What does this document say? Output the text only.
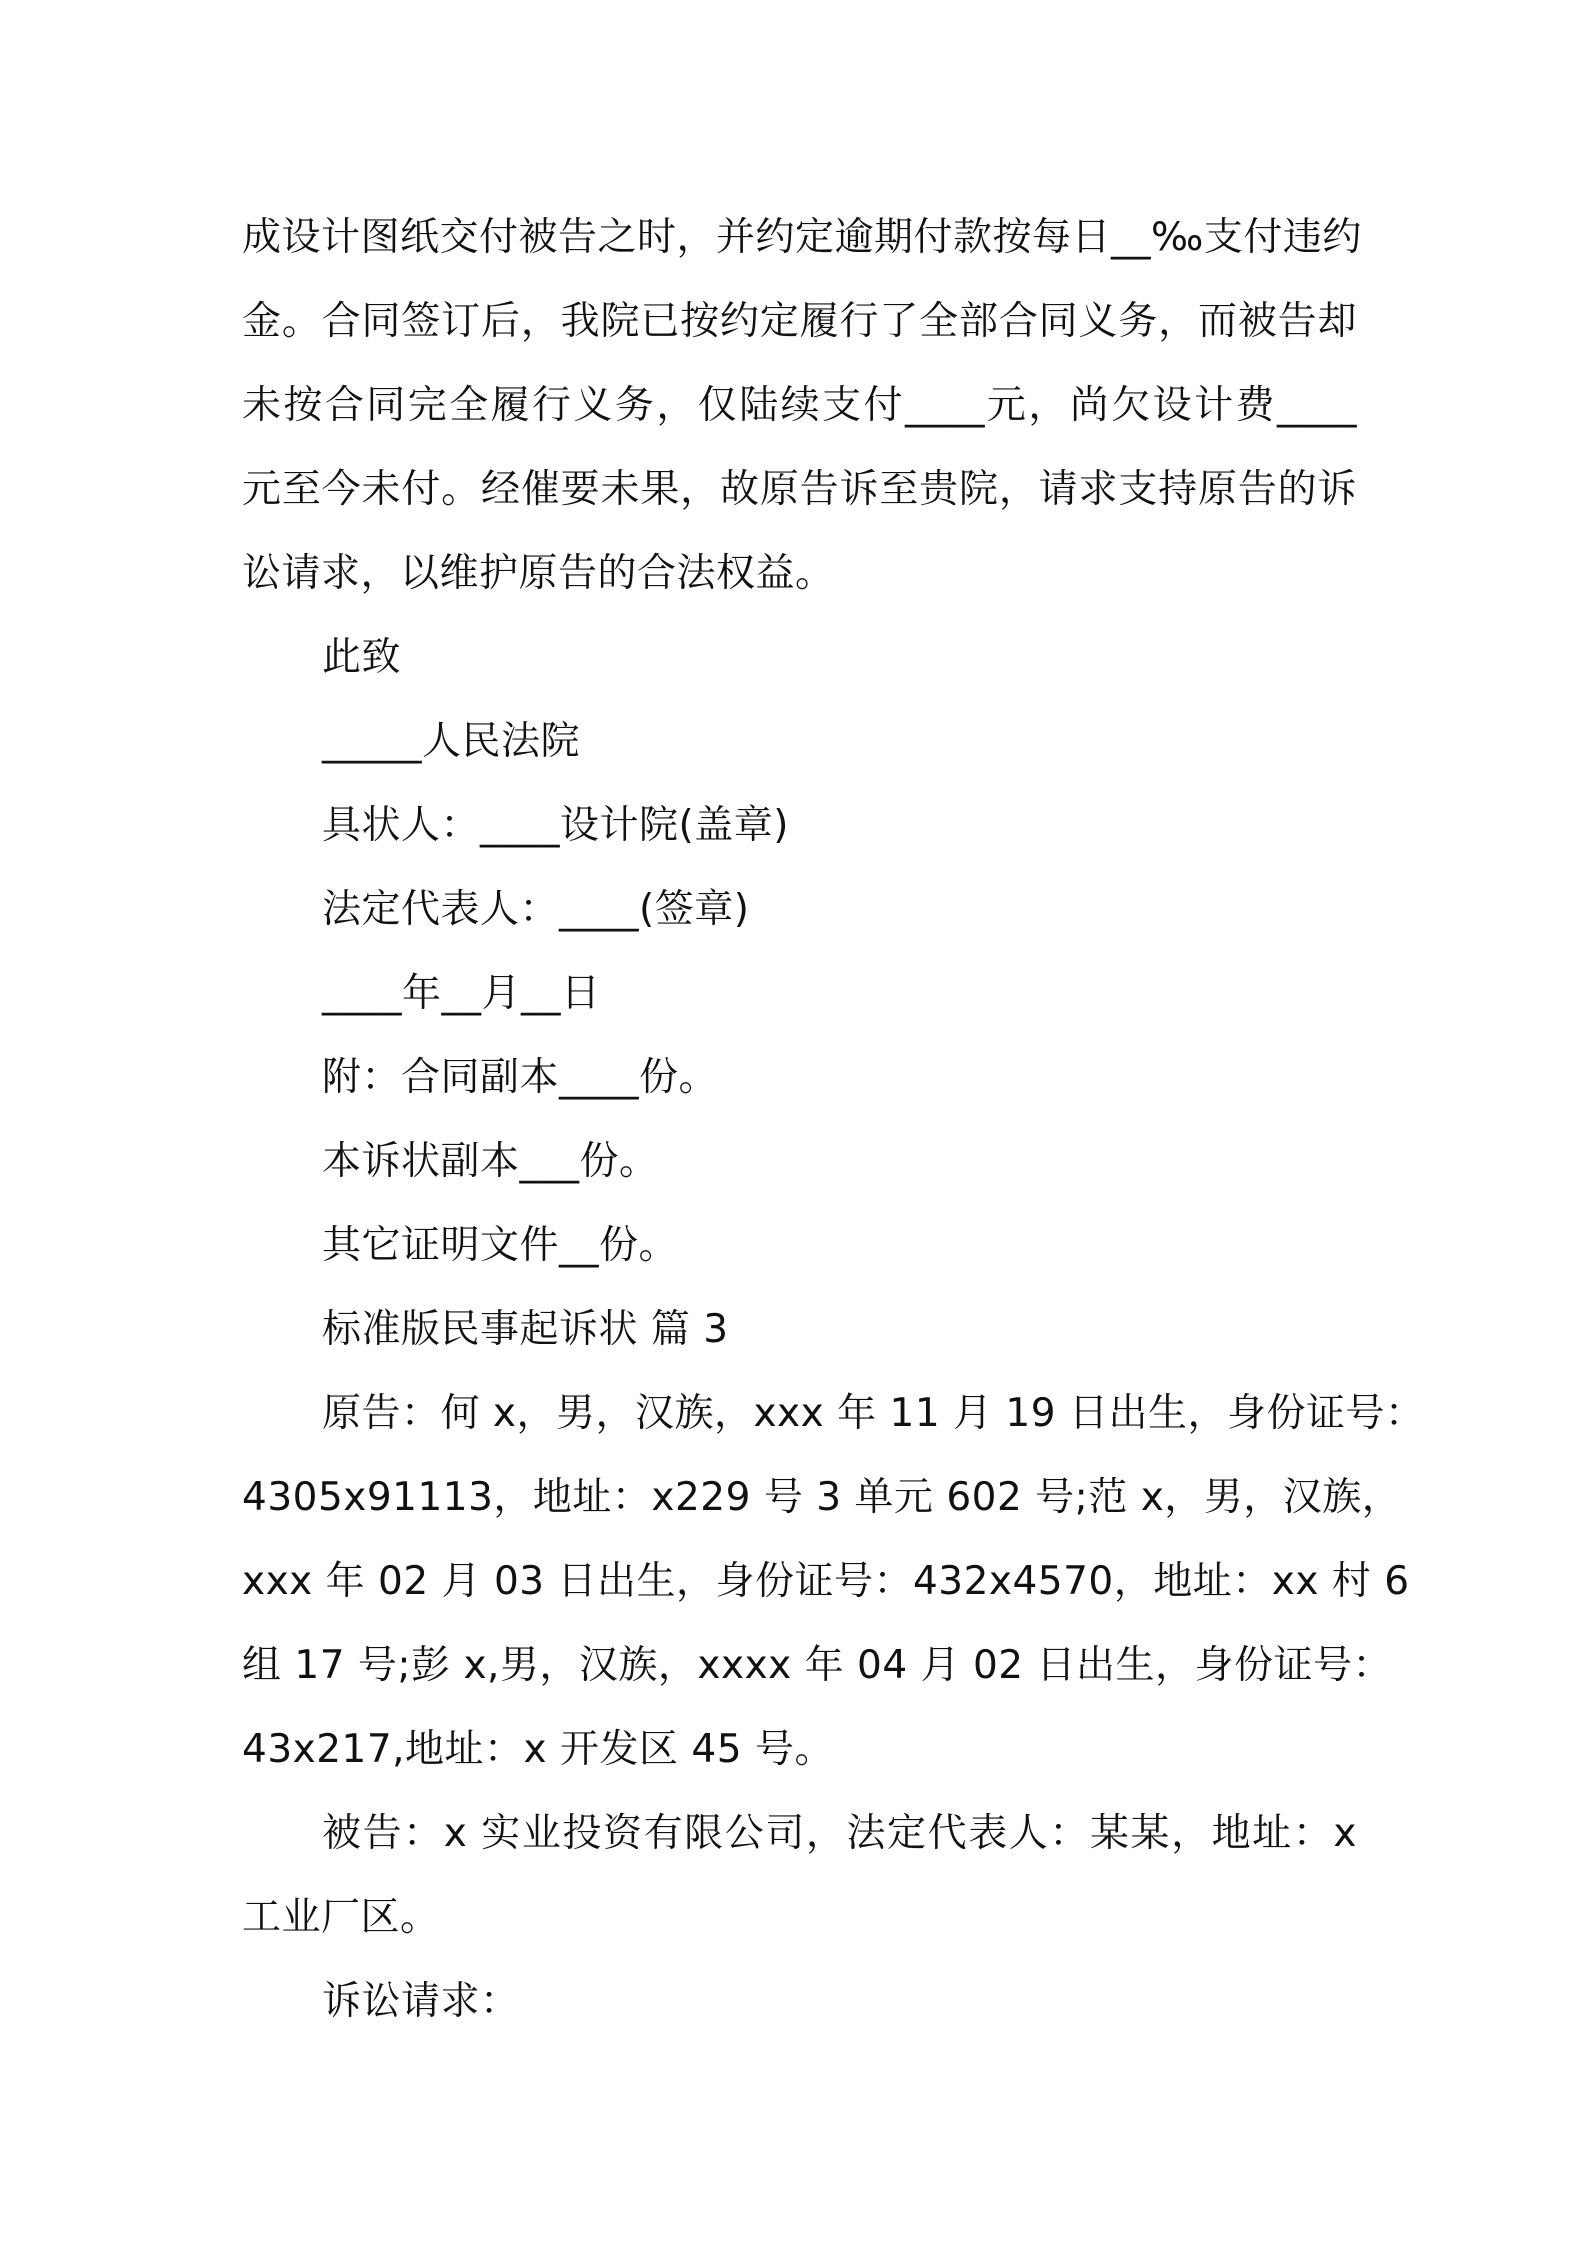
成设计图纸交付被告之时，并约定逾期付款按每日__‰支付违约
金。合同签订后，我院已按约定履行了全部合同义务，而被告却
未按合同完全履行义务，仅陆续支付____元，尚欠设计费____
元至今未付。经催要未果，故原告诉至贵院，请求支持原告的诉
讼请求，以维护原告的合法权益。
此致
_____人民法院
具状人：____设计院(盖章)
法定代表人：____(签章)
____年__月__日
附：合同副本____份。
本诉状副本___份。
其它证明文件__份。
标准版民事起诉状 篇 3
原告：何 x，男，汉族，xxx 年 11 月 19 日出生，身份证号：
4305x91113，地址：x229 号 3 单元 602 号;范 x，男，汉族，
xxx 年 02 月 03 日出生，身份证号：432x4570，地址：xx 村 6
组 17 号;彭 x,男，汉族，xxxx 年 04 月 02 日出生，身份证号：
43x217,地址：x 开发区 45 号。
被告：x 实业投资有限公司，法定代表人：某某，地址：x
工业厂区。
诉讼请求：
